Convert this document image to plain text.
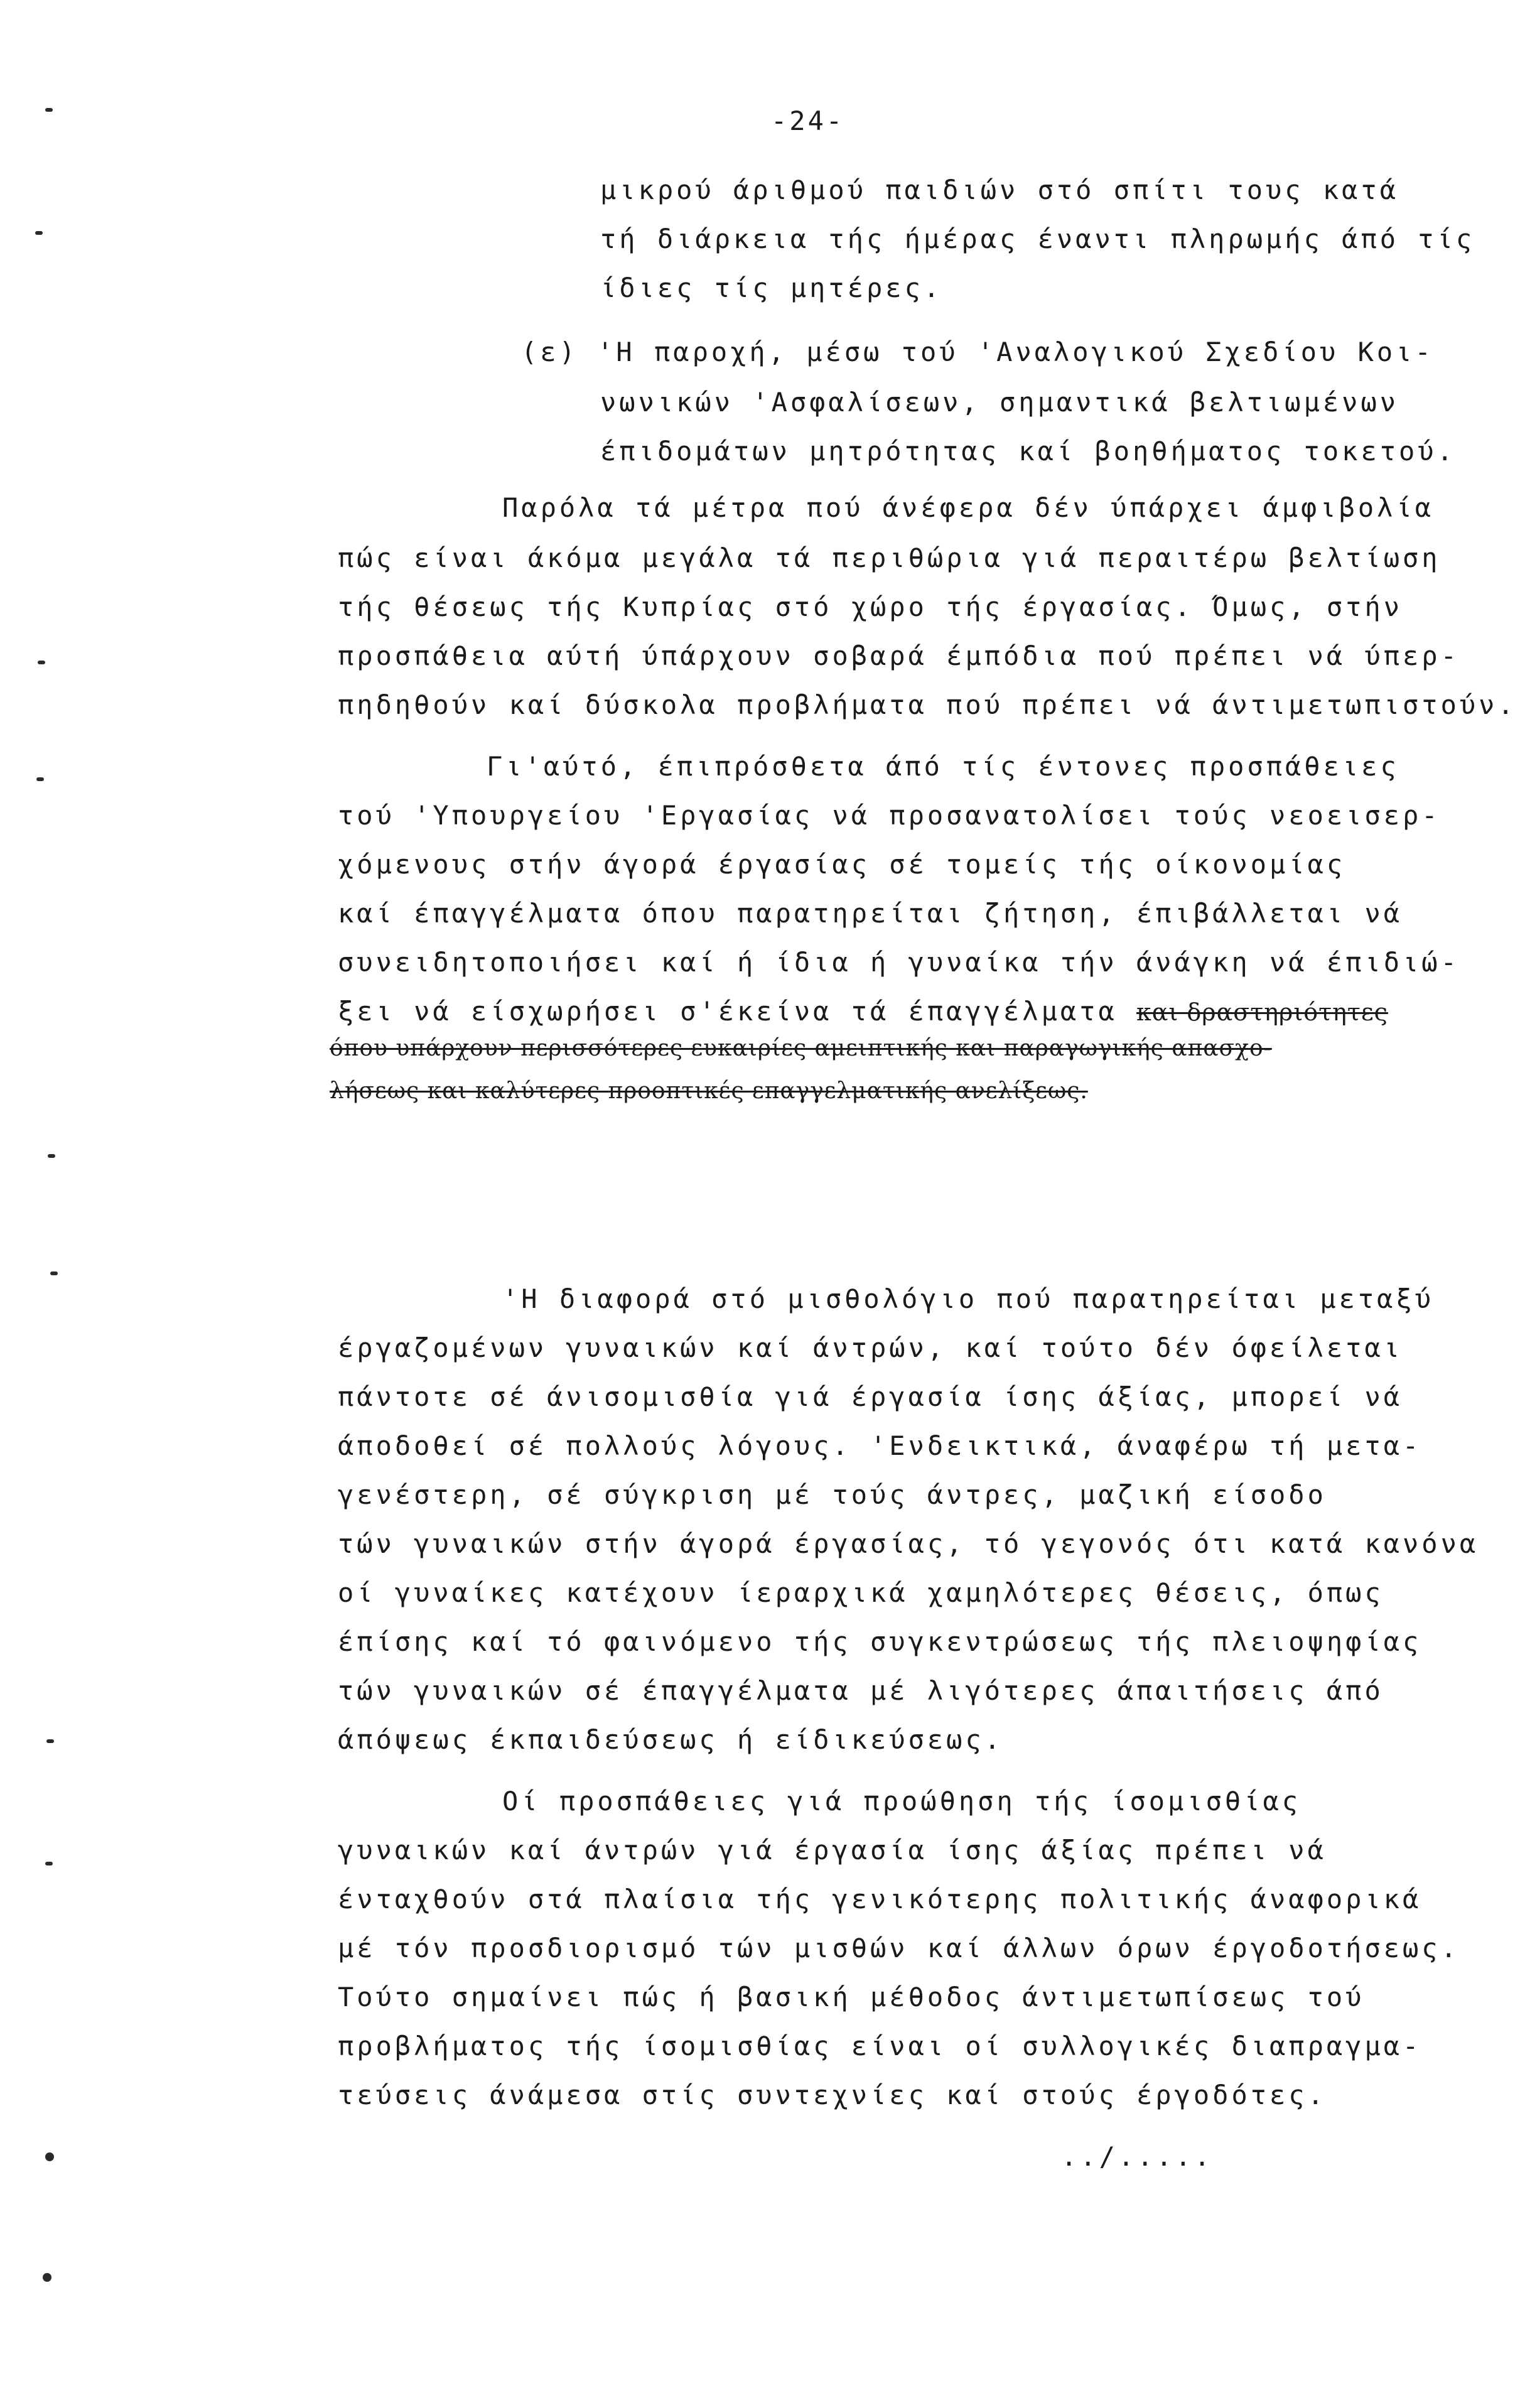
-24-
μικρού άριθμού παιδιών στό σπίτι τους κατά
τή διάρκεια τής ήμέρας έναντι πληρωμής άπό τίς
ίδιες τίς μητέρες.
(ε) 'Η παροχή, μέσω τού 'Αναλογικού Σχεδίου Κοι-
νωνικών 'Ασφαλίσεων, σημαντικά βελτιωμένων
έπιδομάτων μητρότητας καί βοηθήματος τοκετού.
Παρόλα τά μέτρα πού άνέφερα δέν ύπάρχει άμφιβολία
πώς είναι άκόμα μεγάλα τά περιθώρια γιά περαιτέρω βελτίωση
τής θέσεως τής Κυπρίας στό χώρο τής έργασίας. Όμως, στήν
προσπάθεια αύτή ύπάρχουν σοβαρά έμπόδια πού πρέπει νά ύπερ-
πηδηθούν καί δύσκολα προβλήματα πού πρέπει νά άντιμετωπιστούν.
Γι'αύτό, έπιπρόσθετα άπό τίς έντονες προσπάθειες
τού 'Υπουργείου 'Εργασίας νά προσανατολίσει τούς νεοεισερ-
χόμενους στήν άγορά έργασίας σέ τομείς τής οίκονομίας
καί έπαγγέλματα όπου παρατηρείται ζήτηση, έπιβάλλεται νά
συνειδητοποιήσει καί ή ίδια ή γυναίκα τήν άνάγκη νά έπιδιώ-
ξει νά είσχωρήσει σ'έκείνα τά έπαγγέλματα και δραστηριότητες
όπου υπάρχουν περισσότερες ευκαιρίες αμειπτικής και παραγωγικής απασχο-
λήσεως και καλύτερες προοπτικές επαγγελματικής ανελίξεως.
'Η διαφορά στό μισθολόγιο πού παρατηρείται μεταξύ
έργαζομένων γυναικών καί άντρών, καί τούτο δέν όφείλεται
πάντοτε σέ άνισομισθία γιά έργασία ίσης άξίας, μπορεί νά
άποδοθεί σέ πολλούς λόγους. 'Ενδεικτικά, άναφέρω τή μετα-
γενέστερη, σέ σύγκριση μέ τούς άντρες, μαζική είσοδο
τών γυναικών στήν άγορά έργασίας, τό γεγονός ότι κατά κανόνα
οί γυναίκες κατέχουν ίεραρχικά χαμηλότερες θέσεις, όπως
έπίσης καί τό φαινόμενο τής συγκεντρώσεως τής πλειοψηφίας
τών γυναικών σέ έπαγγέλματα μέ λιγότερες άπαιτήσεις άπό
άπόψεως έκπαιδεύσεως ή είδικεύσεως.
Οί προσπάθειες γιά προώθηση τής ίσομισθίας
γυναικών καί άντρών γιά έργασία ίσης άξίας πρέπει νά
ένταχθούν στά πλαίσια τής γενικότερης πολιτικής άναφορικά
μέ τόν προσδιορισμό τών μισθών καί άλλων όρων έργοδοτήσεως.
Τούτο σημαίνει πώς ή βασική μέθοδος άντιμετωπίσεως τού
προβλήματος τής ίσομισθίας είναι οί συλλογικές διαπραγμα-
τεύσεις άνάμεσα στίς συντεχνίες καί στούς έργοδότες.
../.....
